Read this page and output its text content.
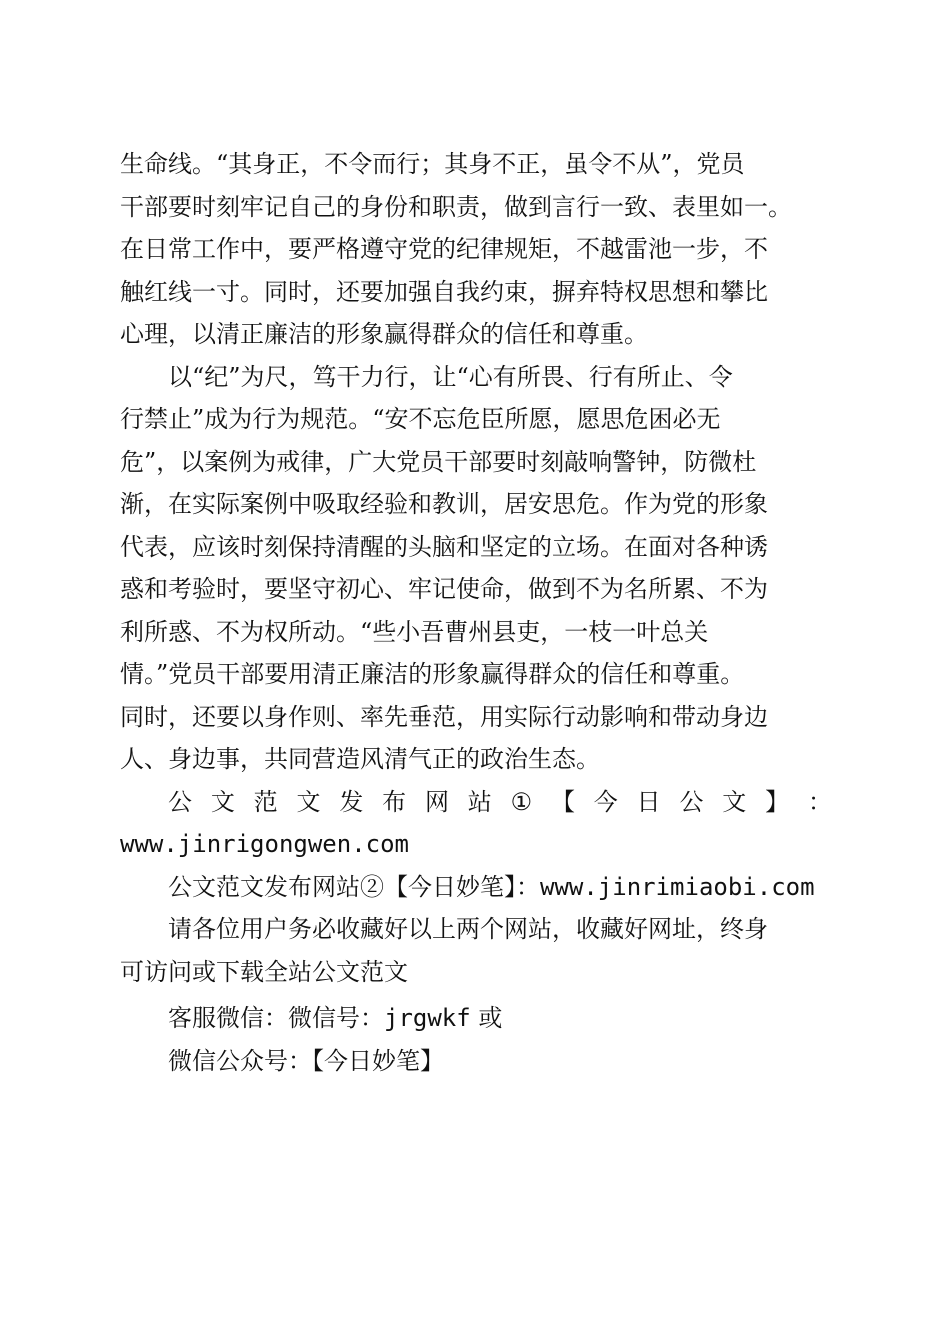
生命线。“其身正，不令而行；其身不正，虽令不从”，党员
干部要时刻牢记自己的身份和职责，做到言行一致、表里如一。
在日常工作中，要严格遵守党的纪律规矩，不越雷池一步，不
触红线一寸。同时，还要加强自我约束，摒弃特权思想和攀比
心理，以清正廉洁的形象赢得群众的信任和尊重。
以“纪”为尺，笃干力行，让“心有所畏、行有所止、令
行禁止”成为行为规范。“安不忘危臣所愿，愿思危困必无
危”，以案例为戒律，广大党员干部要时刻敲响警钟，防微杜
渐，在实际案例中吸取经验和教训，居安思危。作为党的形象
代表，应该时刻保持清醒的头脑和坚定的立场。在面对各种诱
惑和考验时，要坚守初心、牢记使命，做到不为名所累、不为
利所惑、不为权所动。“些小吾曹州县吏，一枝一叶总关
情。”党员干部要用清正廉洁的形象赢得群众的信任和尊重。
同时，还要以身作则、率先垂范，用实际行动影响和带动身边
人、身边事，共同营造风清气正的政治生态。
公 文 范 文 发 布 网 站 ① 【 今 日 公 文 】 ：
www.jinrigongwen.com
公文范文发布网站②【今日妙笔】：www.jinrimiaobi.com
请各位用户务必收藏好以上两个网站，收藏好网址，终身
可访问或下载全站公文范文
客服微信：微信号：jrgwkf 或
微信公众号：【今日妙笔】
